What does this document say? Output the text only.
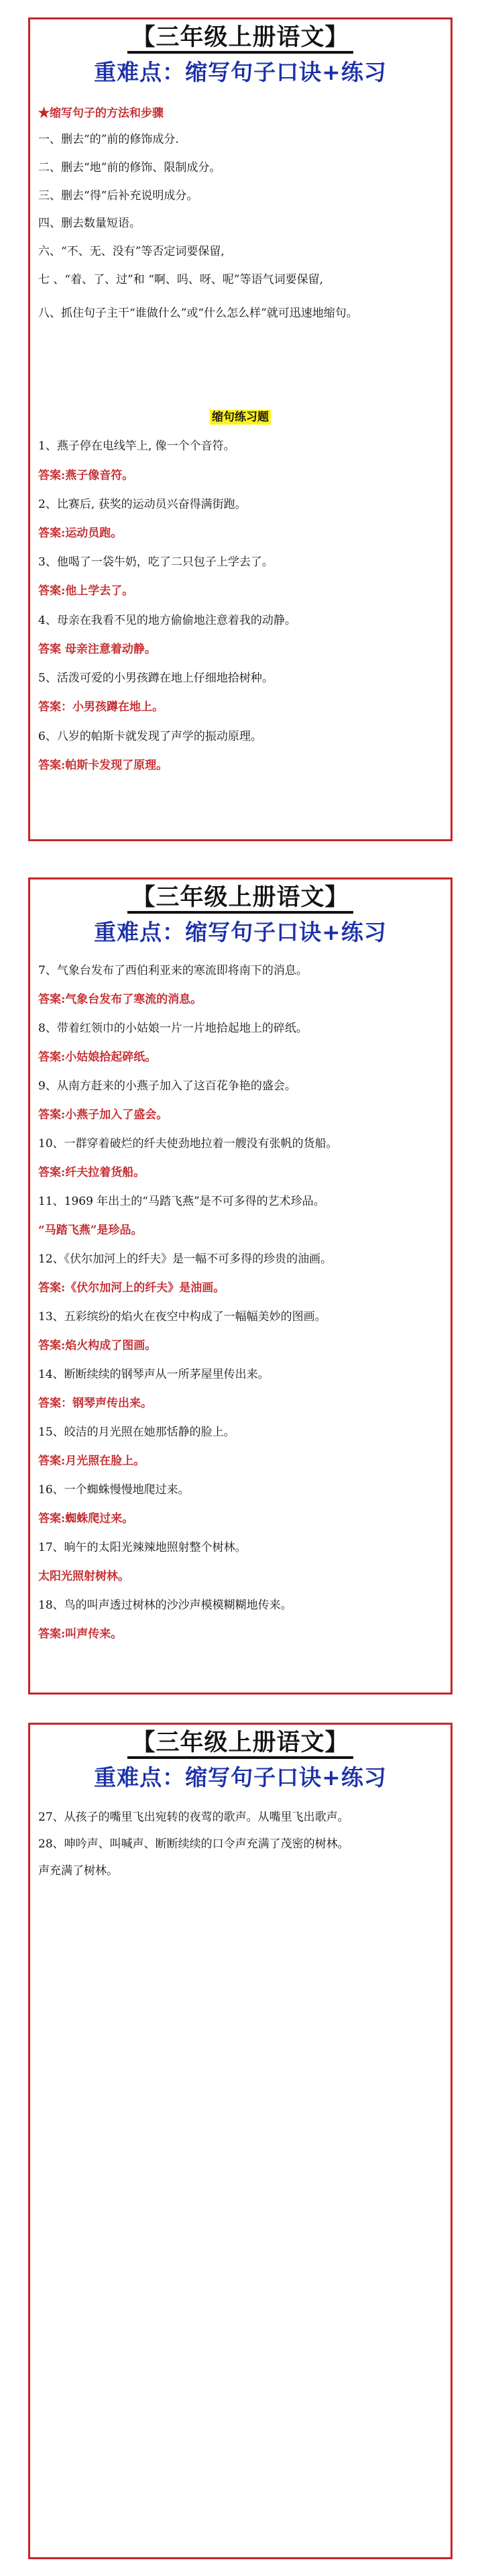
【三年级上册语文】
重难点：缩写句子口诀+练习
★缩写句子的方法和步骤
一、删去“的”前的修饰成分.
二、删去“地”前的修饰、限制成分。
三、删去“得”后补充说明成分。
四、删去数量短语。
六、“不、无、没有”等否定词要保留,
七 、“着、了、过”和 “啊、吗、呀、呢”等语气词要保留,
八、抓住句子主干“谁做什么”或“什么怎么样”就可迅速地缩句。
缩句练习题
1、燕子停在电线竿上, 像一个个音符。
答案:燕子像音符。
2、比赛后, 获奖的运动员兴奋得满街跑。
答案:运动员跑。
3、他喝了一袋牛奶，吃了二只包子上学去了。
答案:他上学去了。
4、母亲在我看不见的地方偷偷地注意着我的动静。
答案 母亲注意着动静。
5、活泼可爱的小男孩蹲在地上仔细地拾树种。
答案：小男孩蹲在地上。
6、八岁的帕斯卡就发现了声学的振动原理。
答案:帕斯卡发现了原理。
【三年级上册语文】
重难点：缩写句子口诀+练习
7、气象台发布了西伯利亚来的寒流即将南下的消息。
答案:气象台发布了寒流的消息。
8、带着红领巾的小姑娘一片一片地拾起地上的碎纸。
答案:小姑娘拾起碎纸。
9、从南方赶来的小燕子加入了这百花争艳的盛会。
答案:小燕子加入了盛会。
10、一群穿着破烂的纤夫使劲地拉着一艘没有张帆的货船。
答案:纤夫拉着货船。
11、1969 年出土的“马踏飞燕”是不可多得的艺术珍品。
“马踏飞燕”是珍品。
12、《伏尔加河上的纤夫》是一幅不可多得的珍贵的油画。
答案:《伏尔加河上的纤夫》是油画。
13、五彩缤纷的焰火在夜空中构成了一幅幅美妙的图画。
答案:焰火构成了图画。
14、断断续续的钢琴声从一所茅屋里传出来。
答案：钢琴声传出来。
15、皎洁的月光照在她那恬静的脸上。
答案:月光照在脸上。
16、一个蜘蛛慢慢地爬过来。
答案:蜘蛛爬过来。
17、晌午的太阳光辣辣地照射整个树林。
太阳光照射树林。
18、鸟的叫声透过树林的沙沙声模模糊糊地传来。
答案:叫声传来。
【三年级上册语文】
重难点：缩写句子口诀+练习
27、从孩子的嘴里飞出宛转的夜莺的歌声。从嘴里飞出歌声。
28、呻吟声、叫喊声、断断续续的口令声充满了茂密的树林。
声充满了树林。
